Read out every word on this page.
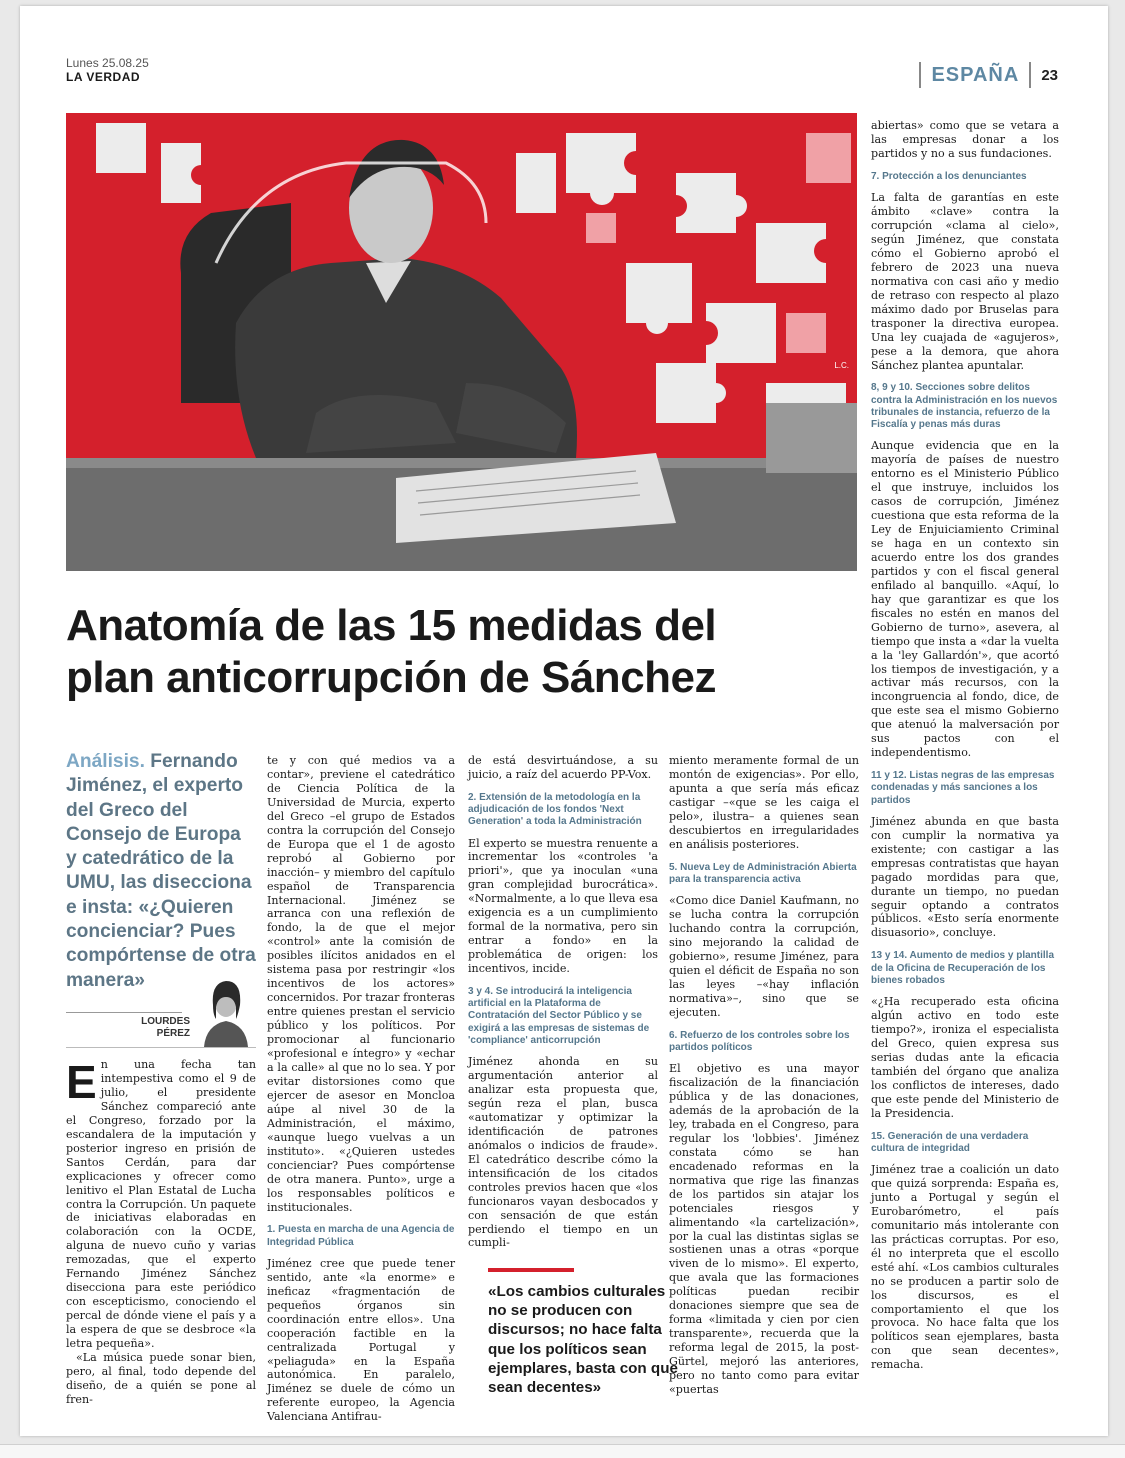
Lunes 25.08.25
LA VERDAD	ESPAÑA 23
L.C.
Anatomía de las 15 medidas del
plan anticorrupción de Sánchez

Análisis. Fernando Jiménez, el experto del Greco del Consejo de Europa y catedrático de la UMU, las disecciona e insta: «¿Quieren concienciar? Pues compórtense de otra manera»

LOURDES
PÉREZ

En una fecha tan intempestiva como el 9 de julio, el presidente Sánchez compareció ante el Congreso, forzado por la escandalera de la imputación y posterior ingreso en prisión de Santos Cerdán, para dar explicaciones y ofrecer como lenitivo el Plan Estatal de Lucha contra la Corrupción. Un paquete de iniciativas elaboradas en colaboración con la OCDE, alguna de nuevo cuño y varias remozadas, que el experto Fernando Jiménez Sánchez disecciona para este periódico con escepticismo, conociendo el percal de dónde viene el país y a la espera de que se desbroce «la letra pequeña».

«La música puede sonar bien, pero, al final, todo depende del diseño, de a quién se pone al fren-

te y con qué medios va a contar», previene el catedrático de Ciencia Política de la Universidad de Murcia, experto del Greco –el grupo de Estados contra la corrupción del Consejo de Europa que el 1 de agosto reprobó al Gobierno por inacción– y miembro del capítulo español de Transparencia Internacional. Jiménez se arranca con una reflexión de fondo, la de que el mejor «control» ante la comisión de posibles ilícitos anidados en el sistema pasa por restringir «los incentivos de los actores» concernidos. Por trazar fronteras entre quienes prestan el servicio público y los políticos. Por promocionar al funcionario «profesional e íntegro» y «echar a la calle» al que no lo sea. Y por evitar distorsiones como que ejercer de asesor en Moncloa aúpe al nivel 30 de la Administración, el máximo, «aunque luego vuelvas a un instituto». «¿Quieren ustedes concienciar? Pues compórtense de otra manera. Punto», urge a los responsables políticos e institucionales.

1. Puesta en marcha de una Agencia de Integridad Pública

Jiménez cree que puede tener sentido, ante «la enorme» e ineficaz «fragmentación de pequeños órganos sin coordinación entre ellos». Una cooperación factible en la centralizada Portugal y «peliaguda» en la España autonómica. En paralelo, Jiménez se duele de cómo un referente europeo, la Agencia Valenciana Antifrau-

de está desvirtuándose, a su juicio, a raíz del acuerdo PP-Vox.

2. Extensión de la metodología en la adjudicación de los fondos 'Next Generation' a toda la Administración

El experto se muestra renuente a incrementar los «controles 'a priori'», que ya inoculan «una gran complejidad burocrática». «Normalmente, a lo que lleva esa exigencia es a un cumplimiento formal de la normativa, pero sin entrar a fondo» en la problemática de origen: los incentivos, incide.

3 y 4. Se introducirá la inteligencia artificial en la Plataforma de Contratación del Sector Público y se exigirá a las empresas de sistemas de 'compliance' anticorrupción

Jiménez ahonda en su argumentación anterior al analizar esta propuesta que, según reza el plan, busca «automatizar y optimizar la identificación de patrones anómalos o indicios de fraude». El catedrático describe cómo la intensificación de los citados controles previos hacen que «los funcionaros vayan desbocados y con sensación de que están perdiendo el tiempo en un cumpli-

«Los cambios culturales no se producen con discursos; no hace falta que los políticos sean ejemplares, basta con que sean decentes»

miento meramente formal de un montón de exigencias». Por ello, apunta a que sería más eficaz castigar –«que se les caiga el pelo», ilustra– a quienes sean descubiertos en irregularidades en análisis posteriores.

5. Nueva Ley de Administración Abierta para la transparencia activa

«Como dice Daniel Kaufmann, no se lucha contra la corrupción luchando contra la corrupción, sino mejorando la calidad de gobierno», resume Jiménez, para quien el déficit de España no son las leyes –«hay inflación normativa»–, sino que se ejecuten.

6. Refuerzo de los controles sobre los partidos políticos

El objetivo es una mayor fiscalización de la financiación pública y de las donaciones, además de la aprobación de la ley, trabada en el Congreso, para regular los 'lobbies'. Jiménez constata cómo se han encadenado reformas en la normativa que rige las finanzas de los partidos sin atajar los potenciales riesgos y alimentando «la cartelización», por la cual las distintas siglas se sostienen unas a otras «porque viven de lo mismo». El experto, que avala que las formaciones políticas puedan recibir donaciones siempre que sea de forma «limitada y cien por cien transparente», recuerda que la reforma legal de 2015, la post-Gürtel, mejoró las anteriores, pero no tanto como para evitar «puertas

abiertas» como que se vetara a las empresas donar a los partidos y no a sus fundaciones.

7. Protección a los denunciantes

La falta de garantías en este ámbito «clave» contra la corrupción «clama al cielo», según Jiménez, que constata cómo el Gobierno aprobó el febrero de 2023 una nueva normativa con casi año y medio de retraso con respecto al plazo máximo dado por Bruselas para trasponer la directiva europea. Una ley cuajada de «agujeros», pese a la demora, que ahora Sánchez plantea apuntalar.

8, 9 y 10. Secciones sobre delitos contra la Administración en los nuevos tribunales de instancia, refuerzo de la Fiscalía y penas más duras

Aunque evidencia que en la mayoría de países de nuestro entorno es el Ministerio Público el que instruye, incluidos los casos de corrupción, Jiménez cuestiona que esta reforma de la Ley de Enjuiciamiento Criminal se haga en un contexto sin acuerdo entre los dos grandes partidos y con el fiscal general enfilado al banquillo. «Aquí, lo hay que garantizar es que los fiscales no estén en manos del Gobierno de turno», asevera, al tiempo que insta a «dar la vuelta a la 'ley Gallardón'», que acortó los tiempos de investigación, y a activar más recursos, con la incongruencia al fondo, dice, de que este sea el mismo Gobierno que atenuó la malversación por sus pactos con el independentismo.

11 y 12. Listas negras de las empresas condenadas y más sanciones a los partidos

Jiménez abunda en que basta con cumplir la normativa ya existente; con castigar a las empresas contratistas que hayan pagado mordidas para que, durante un tiempo, no puedan seguir optando a contratos públicos. «Esto sería enormente disuasorio», concluye.

13 y 14. Aumento de medios y plantilla de la Oficina de Recuperación de los bienes robados

«¿Ha recuperado esta oficina algún activo en todo este tiempo?», ironiza el especialista del Greco, quien expresa sus serias dudas ante la eficacia también del órgano que analiza los conflictos de intereses, dado que este pende del Ministerio de la Presidencia.

15. Generación de una verdadera cultura de integridad

Jiménez trae a coalición un dato que quizá sorprenda: España es, junto a Portugal y según el Eurobarómetro, el país comunitario más intolerante con las prácticas corruptas. Por eso, él no interpreta que el escollo esté ahí. «Los cambios culturales no se producen a partir solo de los discursos, es el comportamiento el que los provoca. No hace falta que los políticos sean ejemplares, basta con que sean decentes», remacha.
